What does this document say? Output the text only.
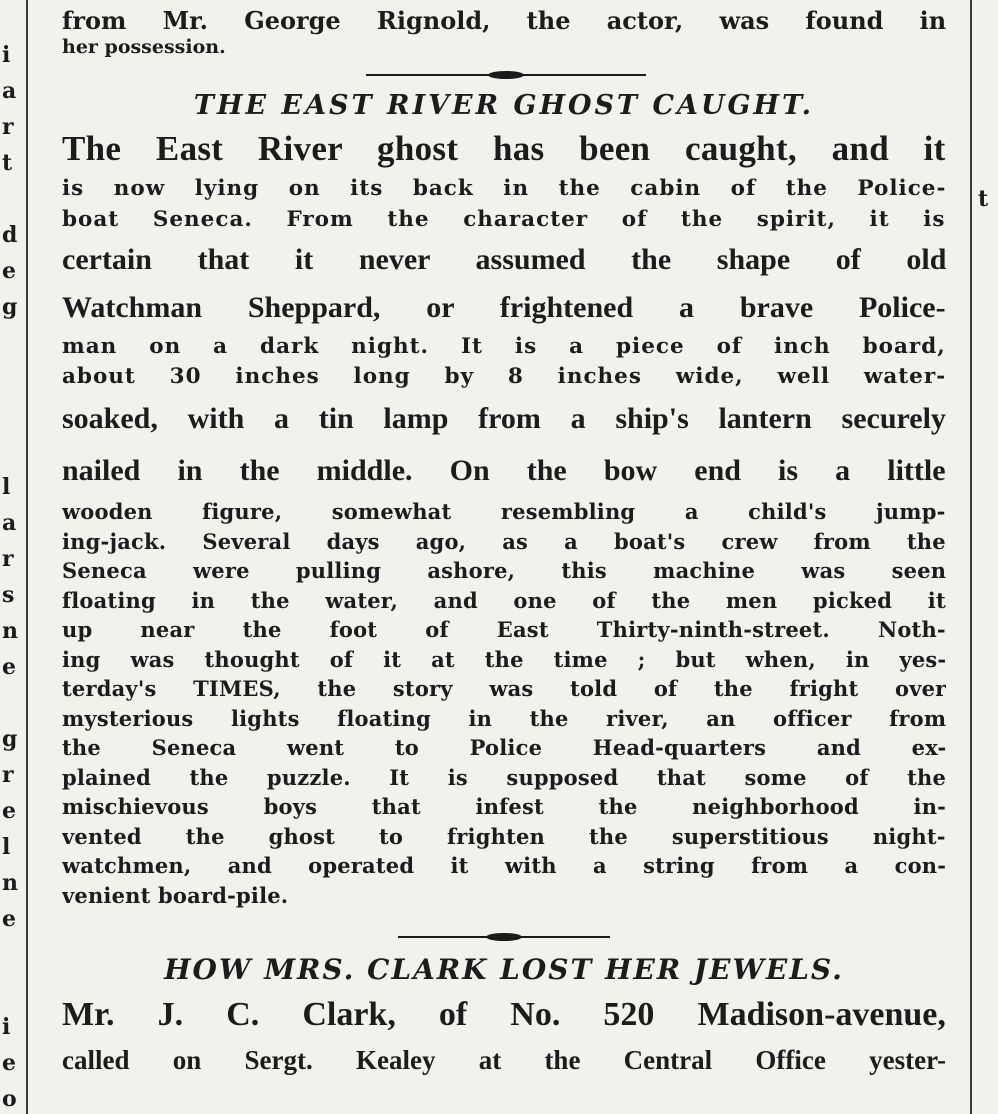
i
a
r
t
d
e
g
l
a
r
s
n
e
g
r
e
l
n
e
i
e
o
t
from Mr. George Rignold, the actor, was found in
her possession.
THE EAST RIVER GHOST CAUGHT.
The East River ghost has been caught, and it
is now lying on its back in the cabin of the Police-
boat Seneca. From the character of the spirit, it is
certain that it never assumed the shape of old
Watchman Sheppard, or frightened a brave Police-
man on a dark night. It is a piece of inch board,
about 30 inches long by 8 inches wide, well water-
soaked, with a tin lamp from a ship's lantern securely
nailed in the middle. On the bow end is a little
wooden figure, somewhat resembling a child's jump-
ing-jack. Several days ago, as a boat's crew from the
Seneca were pulling ashore, this machine was seen
floating in the water, and one of the men picked it
up near the foot of East Thirty-ninth-street. Noth-
ing was thought of it at the time ; but when, in yes-
terday's TIMES, the story was told of the fright over
mysterious lights floating in the river, an officer from
the Seneca went to Police Head-quarters and ex-
plained the puzzle. It is supposed that some of the
mischievous boys that infest the neighborhood in-
vented the ghost to frighten the superstitious night-
watchmen, and operated it with a string from a con-
venient board-pile.
HOW MRS. CLARK LOST HER JEWELS.
Mr. J. C. Clark, of No. 520 Madison-avenue,
called on Sergt. Kealey at the Central Office yester-
